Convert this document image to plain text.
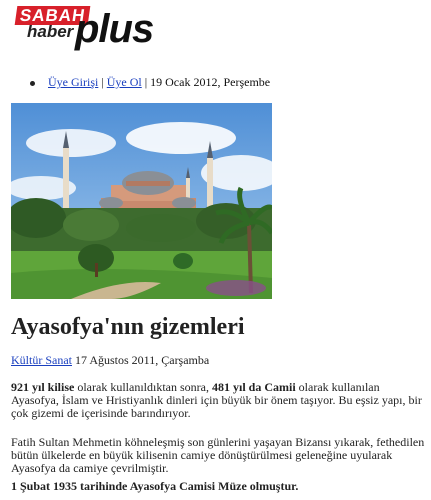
SABAH
haber plus
Üye Girişi | Üye Ol | 19 Ocak 2012, Perşembe
Ayasofya'nın gizemleri
Kültür Sanat 17 Ağustos 2011, Çarşamba

921 yıl kilise olarak kullanıldıktan sonra, 481 yıl da Camii olarak kullanılan Ayasofya, İslam ve Hristiyanlık dinleri için büyük bir önem taşıyor. Bu eşsiz yapı, bir çok gizemi de içerisinde barındırıyor.

Fatih Sultan Mehmetin köhneleşmiş son günlerini yaşayan Bizansı yıkarak, fethedilen bütün ülkelerde en büyük kilisenin camiye dönüştürülmesi geleneğine uyularak Ayasofya da camiye çevrilmiştir.

1 Şubat 1935 tarihinde Ayasofya Camisi Müze olmuştur.
